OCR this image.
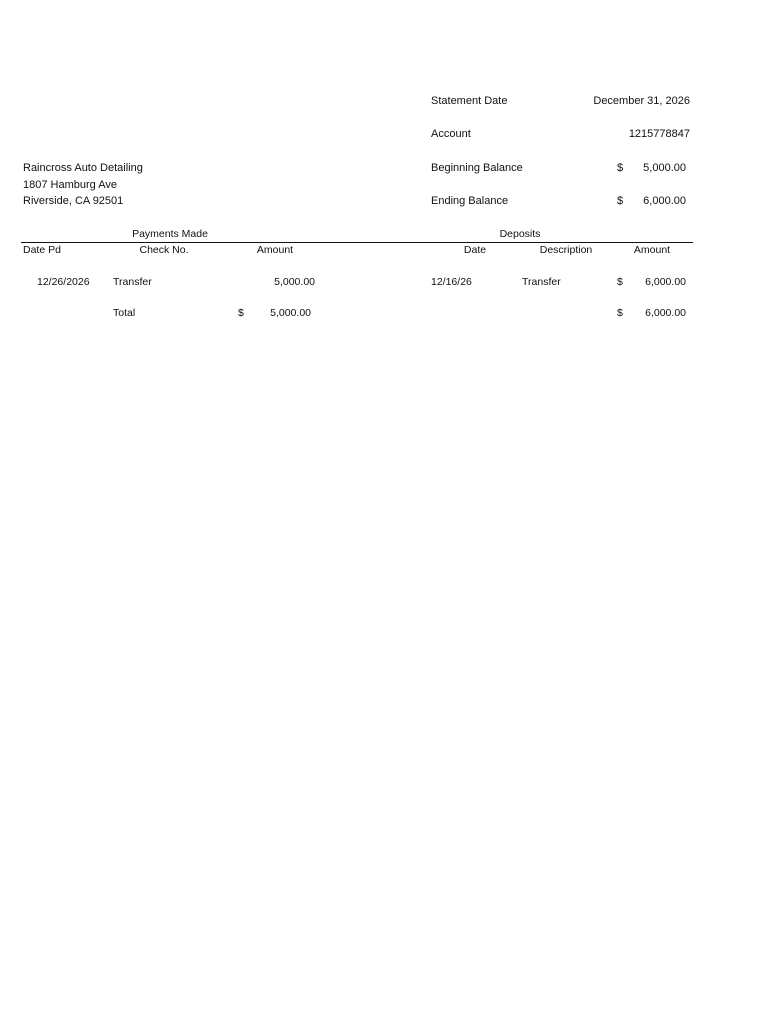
Statement Date	December 31, 2026
Account	1215778847
Beginning Balance	$	5,000.00
Ending Balance	$	6,000.00
Raincross Auto Detailing
1807 Hamburg Ave
Riverside, CA 92501
Payments Made	Deposits
Date Pd	Check No.	Amount	Date	Description	Amount
12/26/2026 Transfer	5,000.00	12/16/26	Transfer	$	6,000.00
Total	$	5,000.00	$	6,000.00
